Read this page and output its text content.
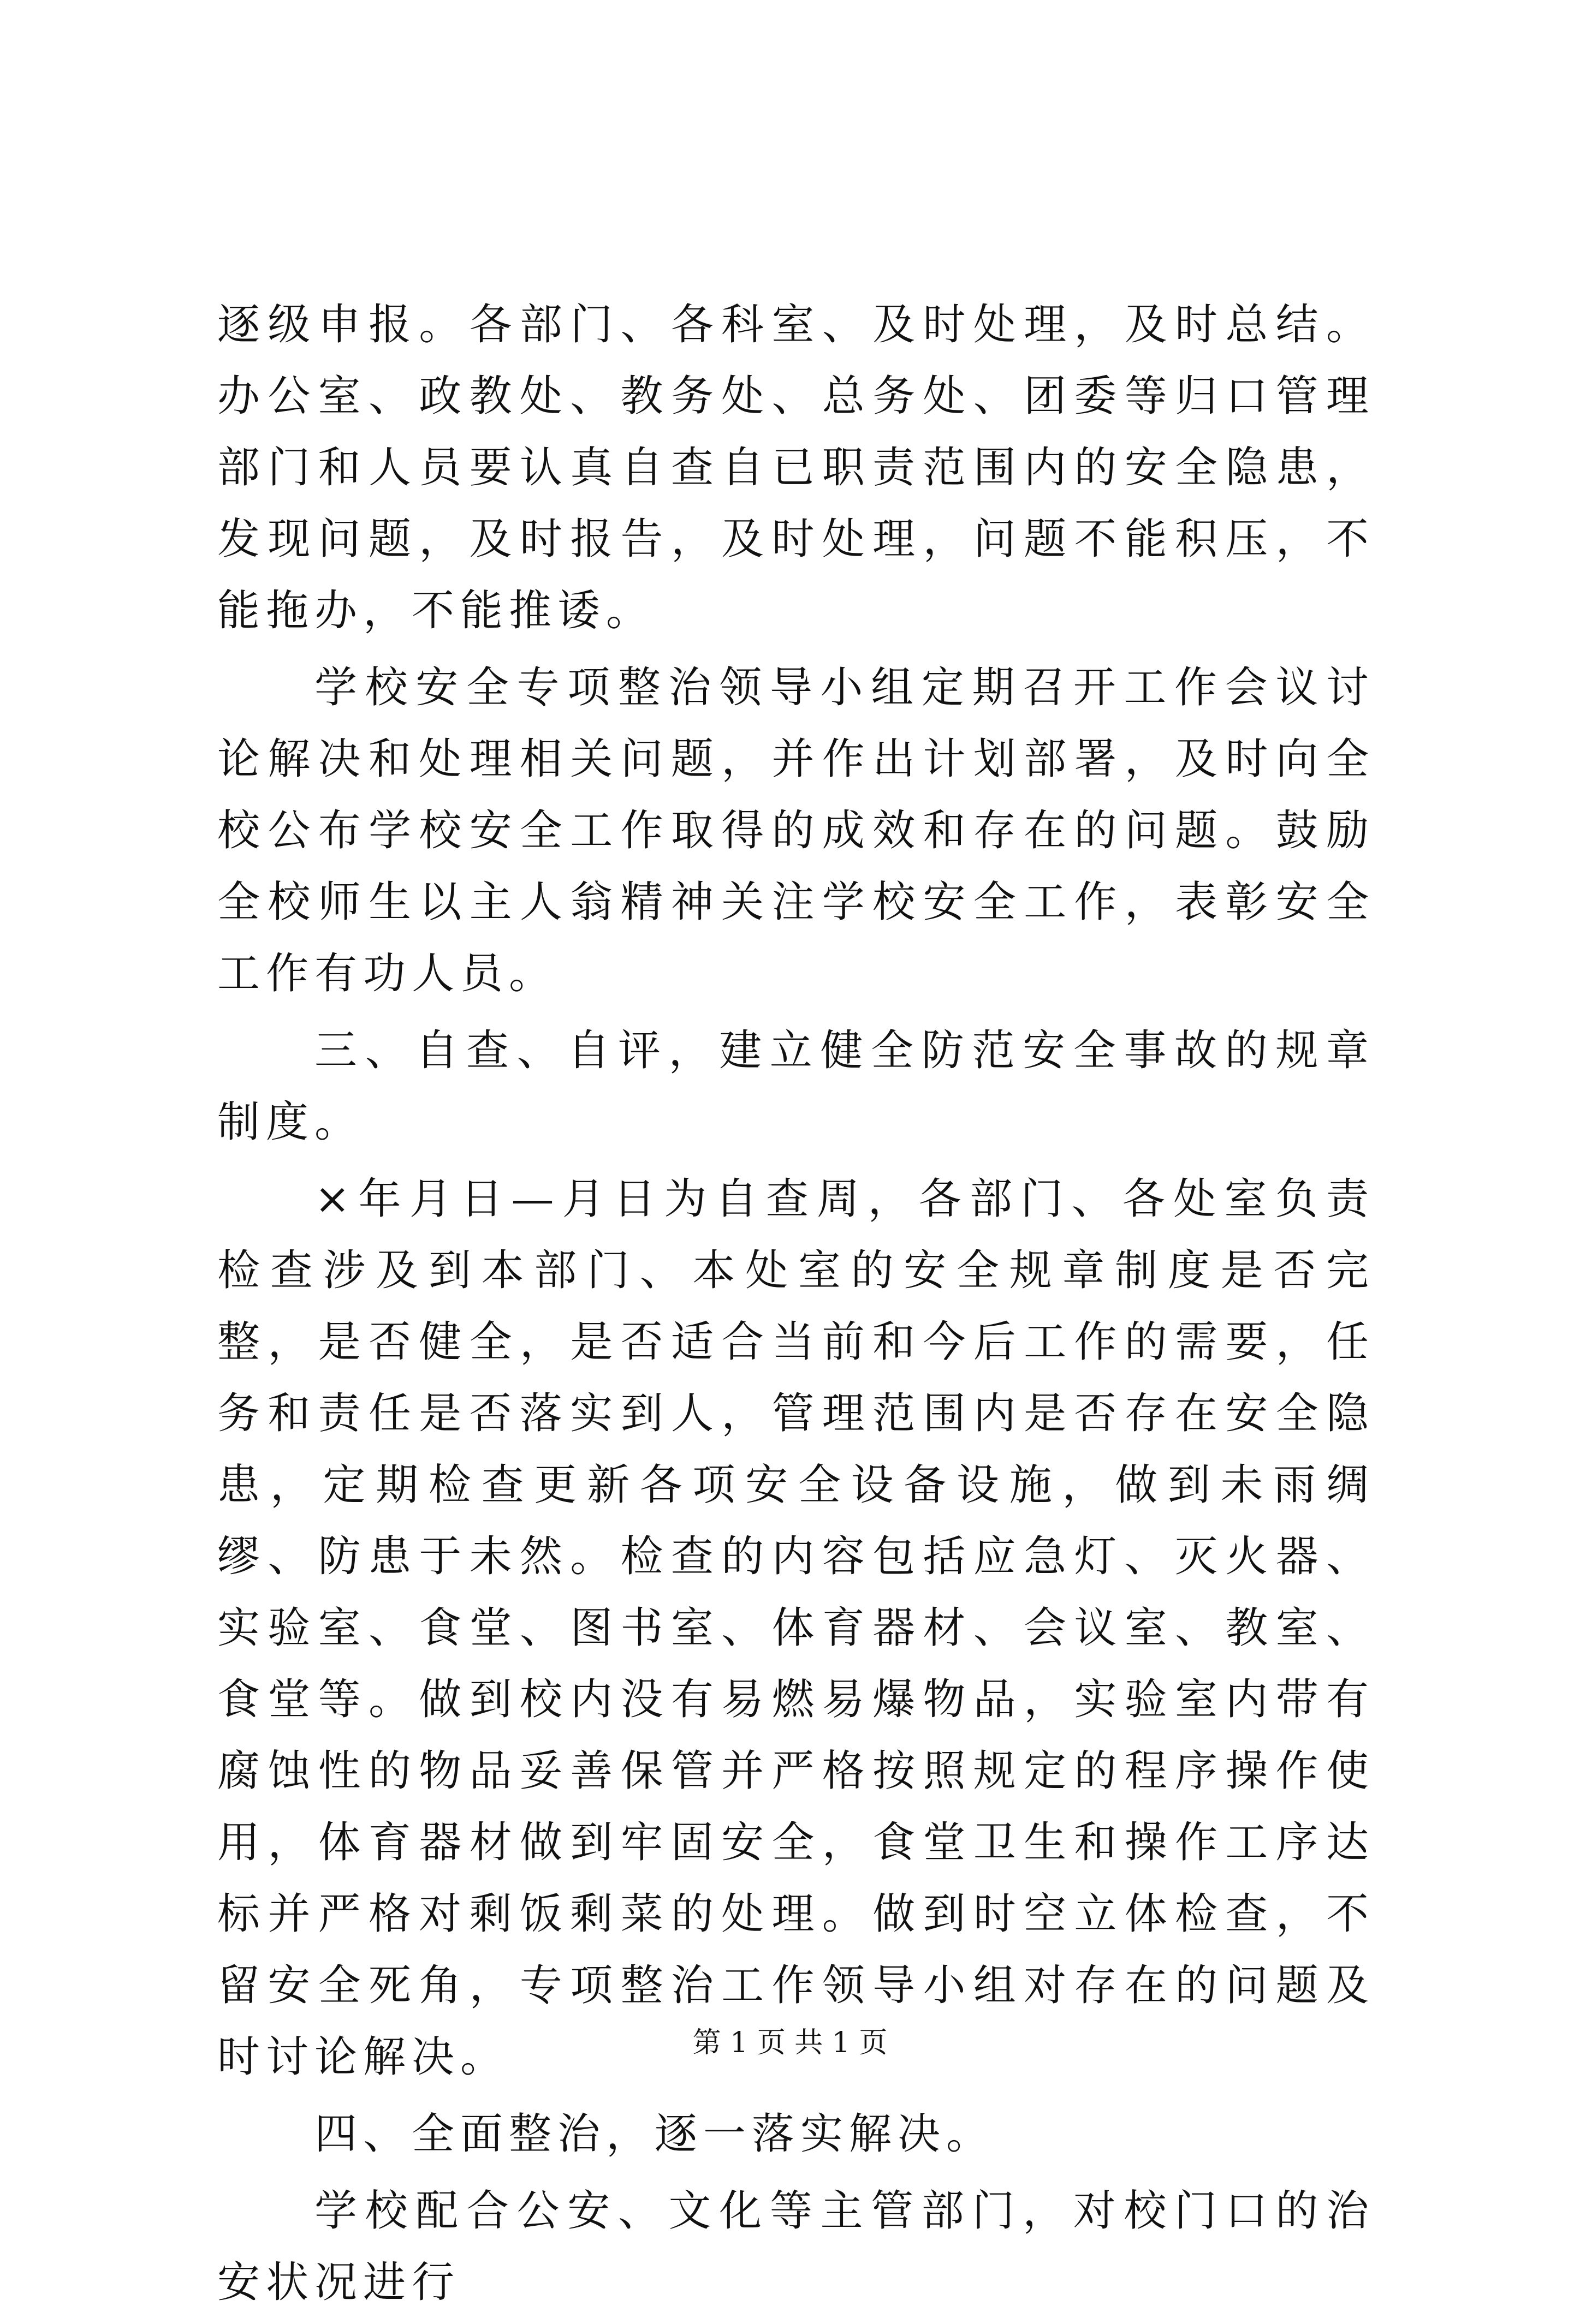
逐级申报。各部门、各科室、及时处理，及时总结。办公室、政教处、教务处、总务处、团委等归口管理部门和人员要认真自查自已职责范围内的安全隐患，发现问题，及时报告，及时处理，问题不能积压，不能拖办，不能推诿。

学校安全专项整治领导小组定期召开工作会议讨论解决和处理相关问题，并作出计划部署，及时向全校公布学校安全工作取得的成效和存在的问题。鼓励全校师生以主人翁精神关注学校安全工作，表彰安全工作有功人员。

三、自查、自评，建立健全防范安全事故的规章制度。

×年月日—月日为自查周，各部门、各处室负责检查涉及到本部门、本处室的安全规章制度是否完整，是否健全，是否适合当前和今后工作的需要，任务和责任是否落实到人，管理范围内是否存在安全隐患，定期检查更新各项安全设备设施，做到未雨绸缪、防患于未然。检查的内容包括应急灯、灭火器、实验室、食堂、图书室、体育器材、会议室、教室、食堂等。做到校内没有易燃易爆物品，实验室内带有腐蚀性的物品妥善保管并严格按照规定的程序操作使用，体育器材做到牢固安全，食堂卫生和操作工序达标并严格对剩饭剩菜的处理。做到时空立体检查，不留安全死角，专项整治工作领导小组对存在的问题及时讨论解决。

四、全面整治，逐一落实解决。

学校配合公安、文化等主管部门，对校门口的治安状况进行

第 1 页 共 1 页
